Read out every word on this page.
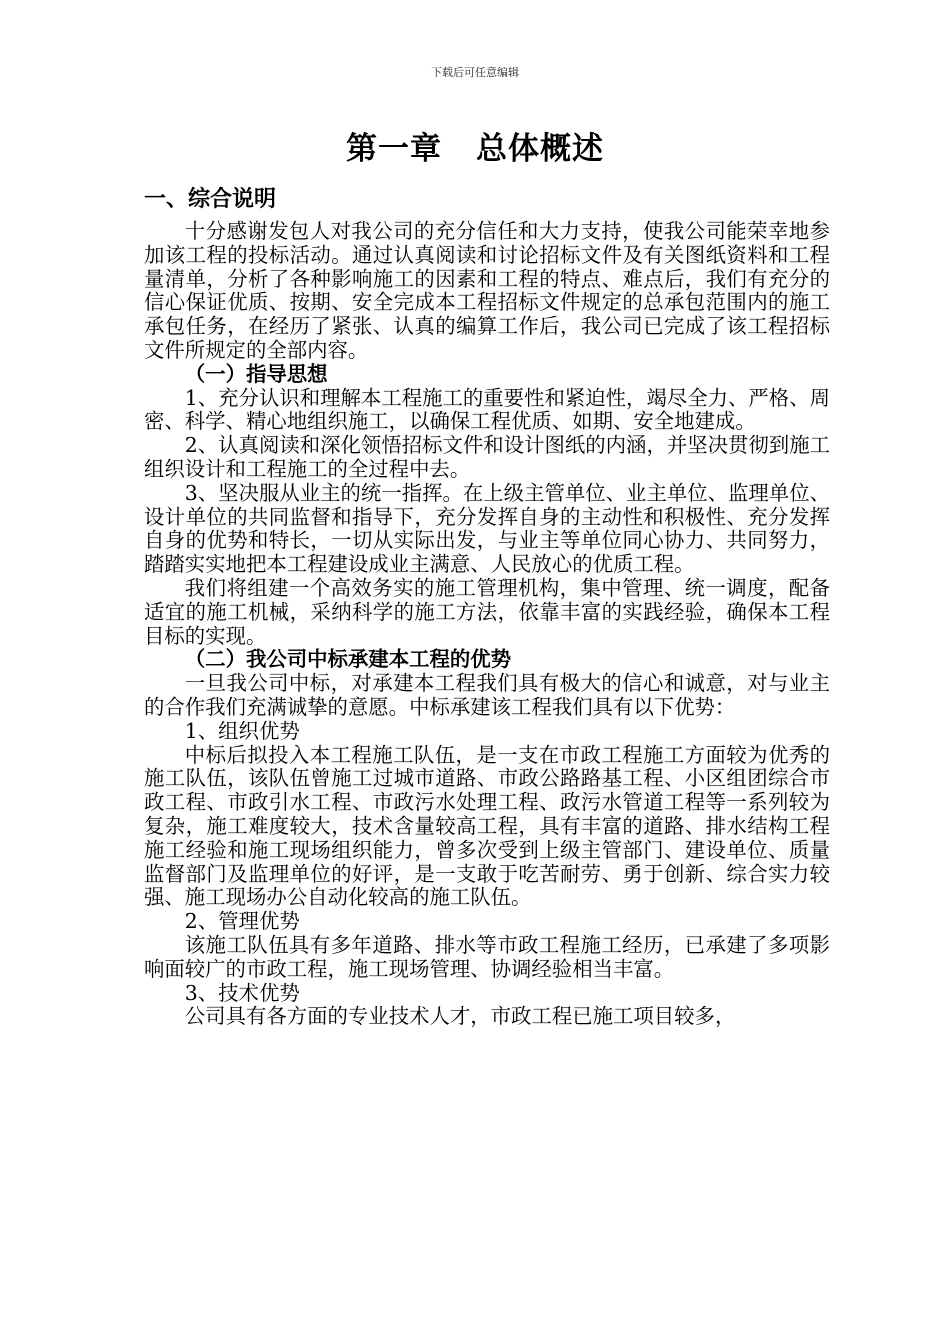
下载后可任意编辑
第一章 总体概述
一、综合说明
十分感谢发包人对我公司的充分信任和大力支持，使我公司能荣幸地参加该工程的投标活动。通过认真阅读和讨论招标文件及有关图纸资料和工程量清单，分析了各种影响施工的因素和工程的特点、难点后，我们有充分的信心保证优质、按期、安全完成本工程招标文件规定的总承包范围内的施工承包任务，在经历了紧张、认真的编算工作后，我公司已完成了该工程招标文件所规定的全部内容。
（一）指导思想
1、充分认识和理解本工程施工的重要性和紧迫性，竭尽全力、严格、周密、科学、精心地组织施工，以确保工程优质、如期、安全地建成。
2、认真阅读和深化领悟招标文件和设计图纸的内涵，并坚决贯彻到施工组织设计和工程施工的全过程中去。
3、坚决服从业主的统一指挥。在上级主管单位、业主单位、监理单位、设计单位的共同监督和指导下，充分发挥自身的主动性和积极性、充分发挥自身的优势和特长，一切从实际出发，与业主等单位同心协力、共同努力，踏踏实实地把本工程建设成业主满意、人民放心的优质工程。
我们将组建一个高效务实的施工管理机构，集中管理、统一调度，配备适宜的施工机械，采纳科学的施工方法，依靠丰富的实践经验，确保本工程目标的实现。
（二）我公司中标承建本工程的优势
一旦我公司中标，对承建本工程我们具有极大的信心和诚意，对与业主的合作我们充满诚挚的意愿。中标承建该工程我们具有以下优势：
1、组织优势
中标后拟投入本工程施工队伍，是一支在市政工程施工方面较为优秀的施工队伍，该队伍曾施工过城市道路、市政公路路基工程、小区组团综合市政工程、市政引水工程、市政污水处理工程、政污水管道工程等一系列较为复杂，施工难度较大，技术含量较高工程，具有丰富的道路、排水结构工程施工经验和施工现场组织能力，曾多次受到上级主管部门、建设单位、质量监督部门及监理单位的好评，是一支敢于吃苦耐劳、勇于创新、综合实力较强、施工现场办公自动化较高的施工队伍。
2、管理优势
该施工队伍具有多年道路、排水等市政工程施工经历，已承建了多项影响面较广的市政工程，施工现场管理、协调经验相当丰富。
3、技术优势
公司具有各方面的专业技术人才，市政工程已施工项目较多，
